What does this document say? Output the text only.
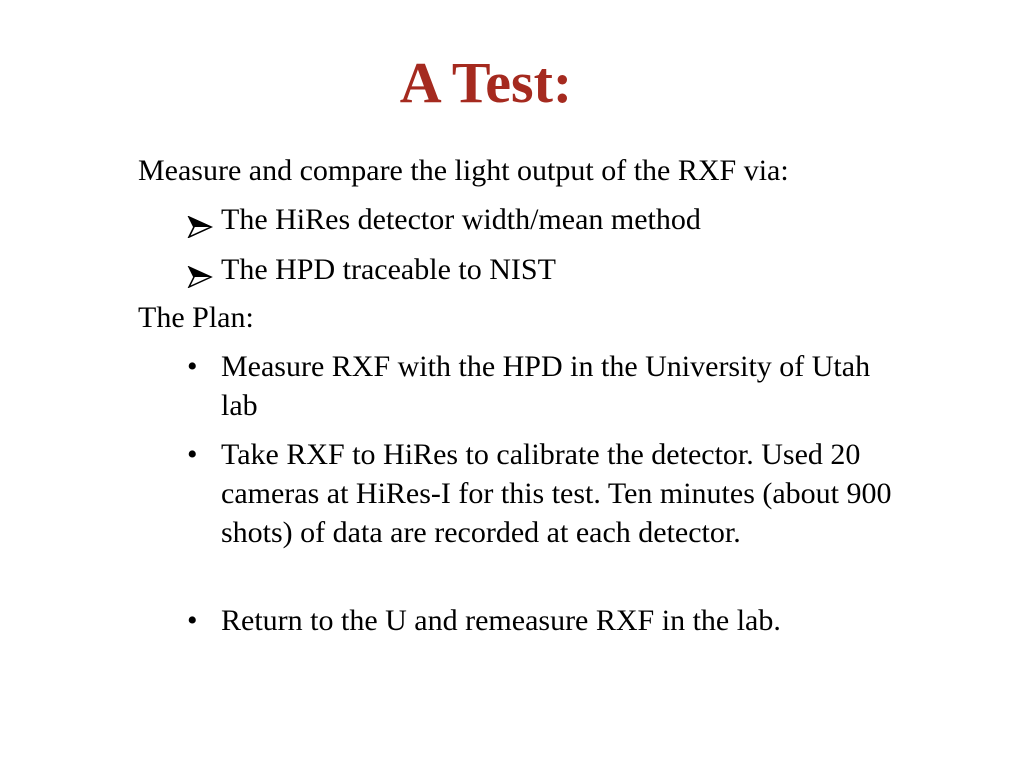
A Test:

Measure and compare the light output of the RXF via:

The HiRes detector width/mean method

The HPD traceable to NIST

The Plan:

• Measure RXF with the HPD in the University of Utah lab

• Take RXF to HiRes to calibrate the detector. Used 20 cameras at HiRes-I for this test. Ten minutes (about 900 shots) of data are recorded at each detector.

• Return to the U and remeasure RXF in the lab.
